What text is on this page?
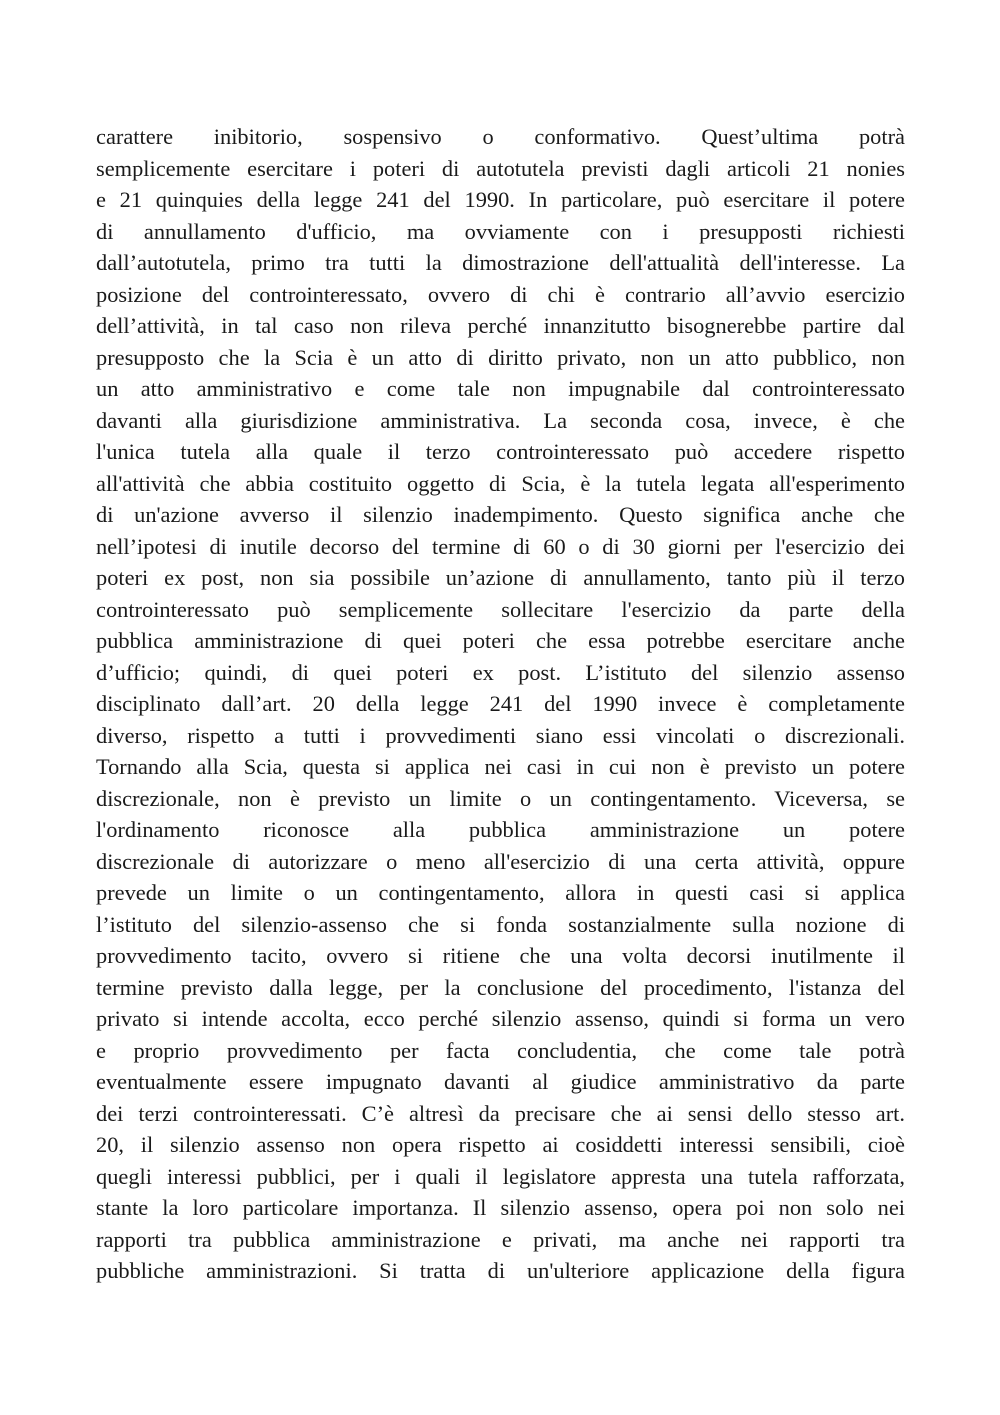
carattere inibitorio, sospensivo o conformativo. Quest’ultima potrà
semplicemente esercitare i poteri di autotutela previsti dagli articoli 21 nonies
e 21 quinquies della legge 241 del 1990. In particolare, può esercitare il potere
di annullamento d'ufficio, ma ovviamente con i presupposti richiesti
dall’autotutela, primo tra tutti la dimostrazione dell'attualità dell'interesse. La
posizione del controinteressato, ovvero di chi è contrario all’avvio esercizio
dell’attività, in tal caso non rileva perché innanzitutto bisognerebbe partire dal
presupposto che la Scia è un atto di diritto privato, non un atto pubblico, non
un atto amministrativo e come tale non impugnabile dal controinteressato
davanti alla giurisdizione amministrativa. La seconda cosa, invece, è che
l'unica tutela alla quale il terzo controinteressato può accedere rispetto
all'attività che abbia costituito oggetto di Scia, è la tutela legata all'esperimento
di un'azione avverso il silenzio inadempimento. Questo significa anche che
nell’ipotesi di inutile decorso del termine di 60 o di 30 giorni per l'esercizio dei
poteri ex post, non sia possibile un’azione di annullamento, tanto più il terzo
controinteressato può semplicemente sollecitare l'esercizio da parte della
pubblica amministrazione di quei poteri che essa potrebbe esercitare anche
d’ufficio; quindi, di quei poteri ex post. L’istituto del silenzio assenso
disciplinato dall’art. 20 della legge 241 del 1990 invece è completamente
diverso, rispetto a tutti i provvedimenti siano essi vincolati o discrezionali.
Tornando alla Scia, questa si applica nei casi in cui non è previsto un potere
discrezionale, non è previsto un limite o un contingentamento. Viceversa, se
l'ordinamento riconosce alla pubblica amministrazione un potere
discrezionale di autorizzare o meno all'esercizio di una certa attività, oppure
prevede un limite o un contingentamento, allora in questi casi si applica
l’istituto del silenzio-assenso che si fonda sostanzialmente sulla nozione di
provvedimento tacito, ovvero si ritiene che una volta decorsi inutilmente il
termine previsto dalla legge, per la conclusione del procedimento, l'istanza del
privato si intende accolta, ecco perché silenzio assenso, quindi si forma un vero
e proprio provvedimento per facta concludentia, che come tale potrà
eventualmente essere impugnato davanti al giudice amministrativo da parte
dei terzi controinteressati. C’è altresì da precisare che ai sensi dello stesso art.
20, il silenzio assenso non opera rispetto ai cosiddetti interessi sensibili, cioè
quegli interessi pubblici, per i quali il legislatore appresta una tutela rafforzata,
stante la loro particolare importanza. Il silenzio assenso, opera poi non solo nei
rapporti tra pubblica amministrazione e privati, ma anche nei rapporti tra
pubbliche amministrazioni. Si tratta di un'ulteriore applicazione della figura
